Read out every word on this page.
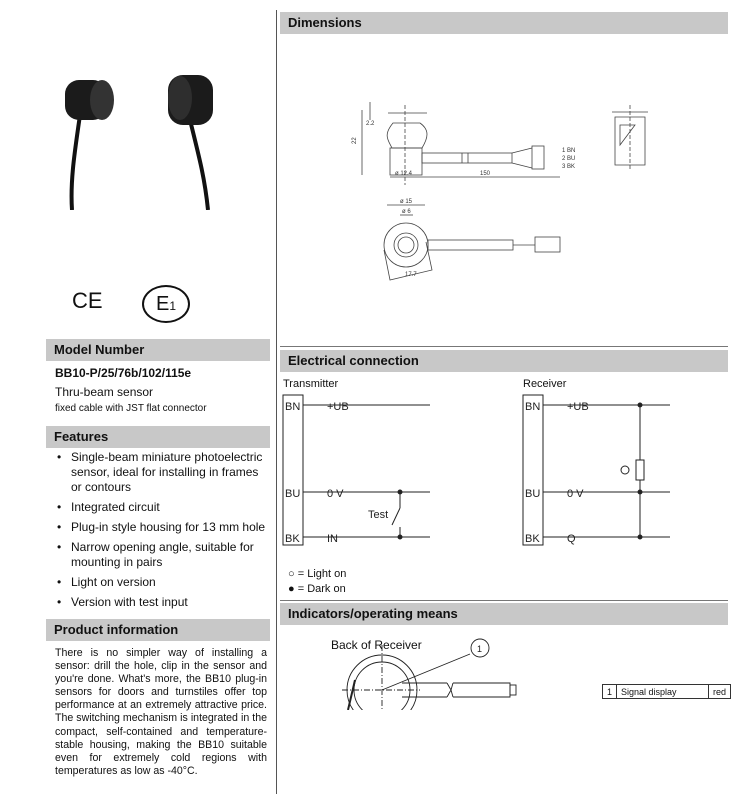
CE	E1
Model Number
BB10-P/25/76b/102/115e
Thru-beam sensor
fixed cable with JST flat connector
Features
• Single-beam miniature photoelectric sensor, ideal for installing in frames or contours
• Integrated circuit
• Plug-in style housing for 13 mm hole
• Narrow opening angle, suitable for mounting in pairs
• Light on version
• Version with test input
Product information
There is no simpler way of installing a sensor: drill the hole, clip in the sensor and you're done. What's more, the BB10 plug-in sensors for doors and turnstiles offer top performance at an extremely attractive price. The switching mechanism is integrated in the compact, self-contained and temperature-stable housing, making the BB10 suitable even for extremely cold regions with temperatures as low as -40°C.
Dimensions
22
2.2
ø 12.4	150
1 BN
2 BU
3 BK
ø 15
ø 6
17.7
Electrical connection
Transmitter	Receiver
BN
BU
BK
+UB
0 V
IN
Test
BN
BU
BK
+UB
0 V
Q
○ = Light on
● = Dark on
Indicators/operating means
Back of Receiver	1
1	Signal display	red
